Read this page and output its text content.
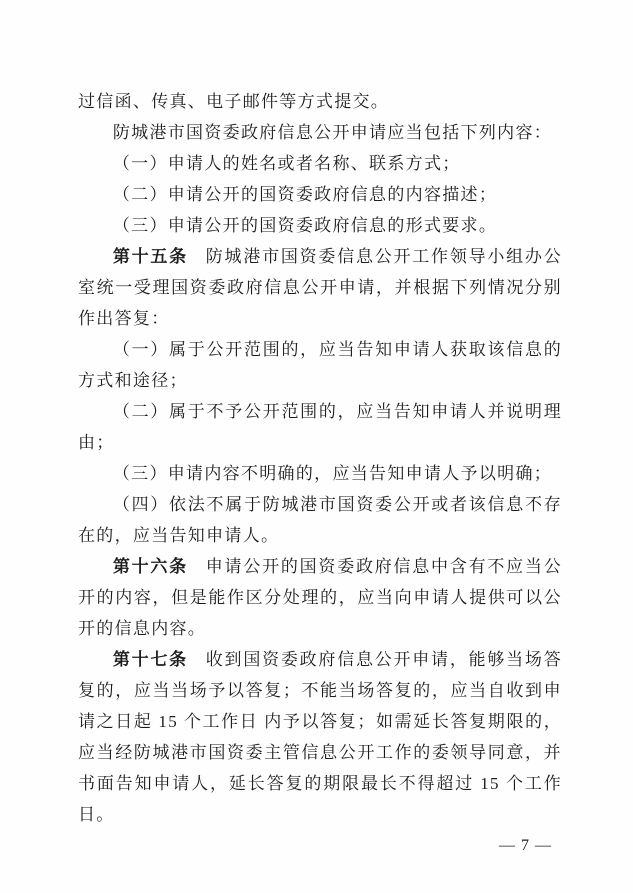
过信函、传真、电子邮件等方式提交。

防城港市国资委政府信息公开申请应当包括下列内容：

（一）申请人的姓名或者名称、联系方式；

（二）申请公开的国资委政府信息的内容描述；

（三）申请公开的国资委政府信息的形式要求。

第十五条 防城港市国资委信息公开工作领导小组办公室统一受理国资委政府信息公开申请，并根据下列情况分别作出答复：

（一）属于公开范围的，应当告知申请人获取该信息的方式和途径；

（二）属于不予公开范围的，应当告知申请人并说明理由；

（三）申请内容不明确的，应当告知申请人予以明确；

（四）依法不属于防城港市国资委公开或者该信息不存在的，应当告知申请人。

第十六条 申请公开的国资委政府信息中含有不应当公开的内容，但是能作区分处理的，应当向申请人提供可以公开的信息内容。

第十七条 收到国资委政府信息公开申请，能够当场答复的，应当当场予以答复；不能当场答复的，应当自收到申请之日起 15 个工作日 内予以答复；如需延长答复期限的，应当经防城港市国资委主管信息公开工作的委领导同意，并书面告知申请人，延长答复的期限最长不得超过 15 个工作日。

— 7 —
